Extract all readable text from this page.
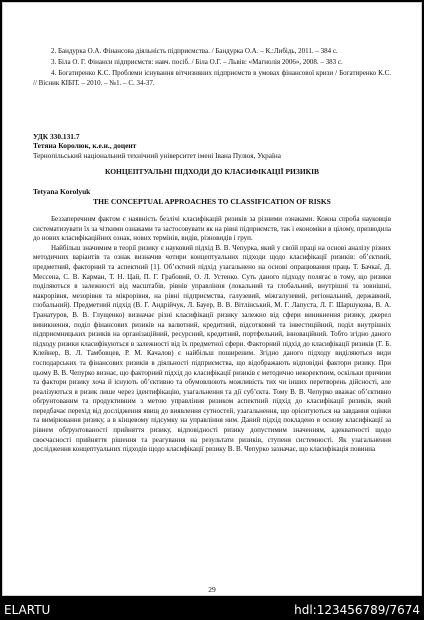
2. Бандурка О.А. Фінансова діяльність підприємства. / Бандурка О.А. – К.:Либідь, 2011. – 384 с.

3. Біла О. Г. Фінанси підприємств: навч. посіб. / Біла О.Г. – Львів: «Магнолія 2006», 2008. – 383 с.

4. Богатиренко К.С. Проблеми існування вітчизняних підприємств в умовах фінансової кризи / Богатиренко К.С. // Вісник КІБІТ. – 2010. – №1. – С. 34-37.

УДК 330.131.7
Тетяна Королюк, к.е.н., доцент
Тернопільський національний технічний університет імені Івана Пулюя, Україна
КОНЦЕПТУАЛЬНІ ПІДХОДИ ДО КЛАСИФІКАЦІЇ РИЗИКІВ
Tetyana Korolyuk
THE CONCEPTUAL APPROACHES TO CLASSIFICATION OF RISKS

Беззаперечним фактом є наявність безлічі класифікацій ризиків за різними ознаками. Кожна спроба науковців систематизувати їх за чіткими ознаками та застосовувати як на рівні підприємств, так і економіки в цілому, призводила до нових класифікаційних ознак, нових термінів, видів, різновидів і груп.

Найбільш значимим в теорії ризику є науковий підхід В. В. Чепурка, який у своїй праці на основі аналізу різних методичних варіантів та ознак визначив чотири концептуальних підходи щодо класифікації ризиків: об’єктний, предметний, факторний та аспектний [1]. Об’єктний підхід узагальнено на основі опрацювання праць Т. Бачкаї, Д. Мессена, С. В. Карман, Т. Н. Цай, П. Г. Грабовий, О. Л. Устенко. Суть даного підходу полягає в тому, що ризики поділяються в залежності від масштабів, рівнів управління (локальний та глобальний, внутрішні та зовнішні, макрорівня, мезорівня та мікрорівня, на рівні підприємства, галузевий, міжгалузевий, регіональний, державний, глобальний). Предметний підхід (В. Г. Андрійчук, Л. Бауер, В. В. Вітлінський, М. Г. Лапуста, Л. Г. Шаршукова, В. А. Гранатуров, В. В. Глущенко) визначає різні класифікації ризику залежно від сфери виникнення ризику, джерел виникнення, поділ фінансових ризиків на валютний, кредитний, відсотковий та інвестиційний, поділ внутрішніх підприємницьких ризиків на організаційний, ресурсний, кредитний, портфельний, інноваційний. Тобто згідно даного підходу ризики класифікуються в залежності від їх предметної сфери. Факторний підхід до класифікації ризиків (Г. Б. Клейнер, В. Л. Тамбовцев, Р. М. Качалов) є найбільш поширеним. Згідно даного підходу виділяються види господарських та фінансових ризиків в діяльності підприємства, що відображають відповідні фактори ризику. При цьому В. В. Чепурко визнає, що факторний підхід до класифікації ризиків є методично некоректним, оскільки причини та фактори ризику хоча й існують об’єктивно та обумовлюють можливість тих чи інших перетворень дійсності, але реалізуються в ризик лише через ідентифікацію, узагальнення та дії суб’єкта. Тому В. В. Чепурко вважає об’єктивно обґрунтованим та продуктивним з метою управління ризиком аспектний підхід до класифікації ризиків, який передбачає перехід від дослідження явищ до виявлення сутностей, узагальнення, що орієнтуються на завдання оцінки та вимірювання ризику, а в кінцевому підсумку на управління ним. Даний підхід покладено в основу класифікації за рівнем обґрунтованості прийняття ризику, відповідності ризику допустимим значенням, адекватності щодо своєчасності прийняття рішення та реагування на результати ризиків, ступеня системності. Як узагальнення дослідження концептуальних підходів щодо класифікації ризику В. В. Чепурко зазначає, що класифікація повинна

29
ELARTU	hdl:123456789/7674
